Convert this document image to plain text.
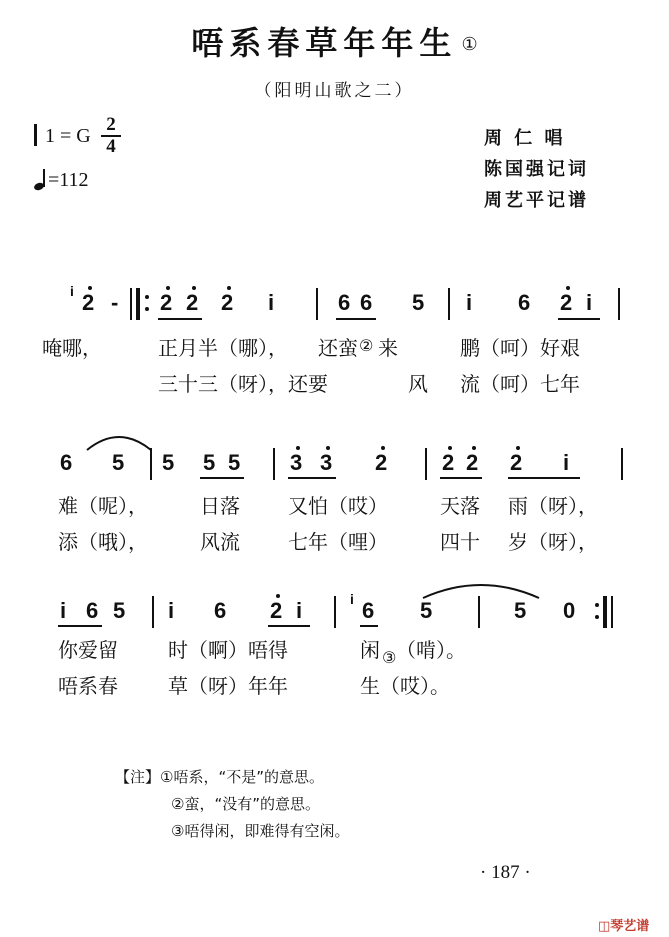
唔系春草年年生 ①
（阳明山歌之二）
1 = G
2
4
=112
周 仁 唱
陈国强记词
周艺平记谱
i 2 - 2 2 2 i	6 6 5 i 6 2 i
唵哪，	正月半（哪）， 还蛮 ② 来	鹏（呵）好艰
三十三（呀），还要	风 流（呵）七年
6 5 5 5 5 3 3 2 2 2 2 i
难（呢），	日落 又怕（哎）	天落 雨（呀），
添（哦），	风流 七年（哩）	四十 岁（呀），
i 6 5 i 6 2 i	i 6 5	5 0
你爱留	时（啊）唔得	闲 ③ （啃）。
唔系春	草（呀）年年	生（哎）。
【注】①唔系，“不是”的意思。
②蛮，“没有”的意思。
③唔得闲，即难得有空闲。
· 187 ·
◫琴艺谱
